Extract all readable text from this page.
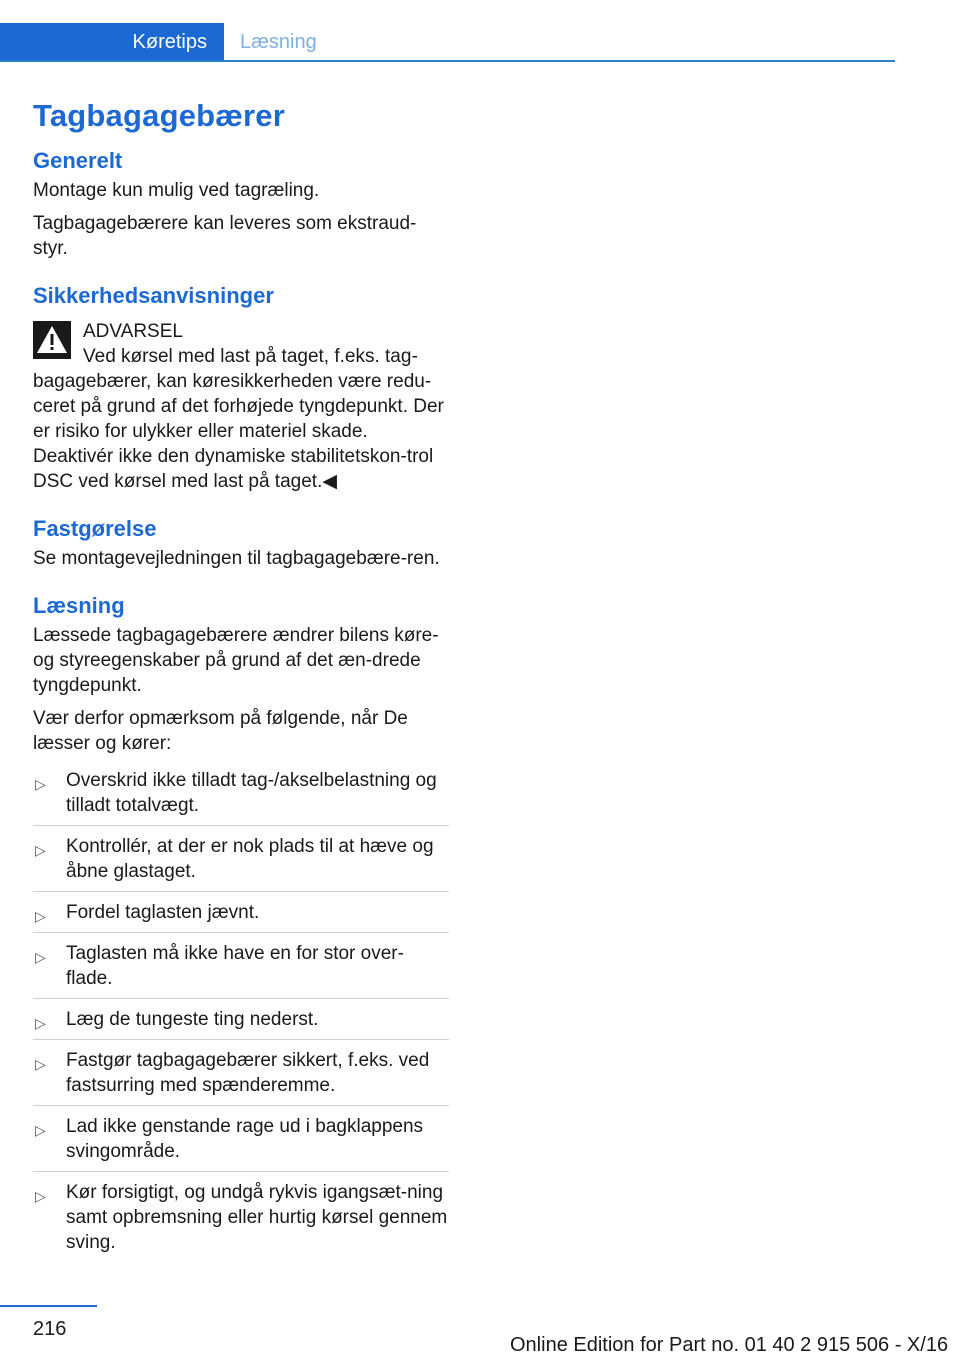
Køretips Læsning
Tagbagagebærer
Generelt

Montage kun mulig ved tagræling.

Tagbagagebærere kan leveres som ekstraud-styr.

Sikkerhedsanvisninger

ADVARSEL

Ved kørsel med last på taget, f.eks. tag-bagagebærer, kan køresikkerheden være redu-ceret på grund af det forhøjede tyngdepunkt. Der er risiko for ulykker eller materiel skade. Deaktivér ikke den dynamiske stabilitetskon-trol DSC ved kørsel med last på taget.◀

Fastgørelse

Se montagevejledningen til tagbagagebære-ren.

Læsning

Læssede tagbagagebærere ændrer bilens køre- og styreegenskaber på grund af det æn-drede tyngdepunkt.

Vær derfor opmærksom på følgende, når De læsser og kører:

▷ Overskrid ikke tilladt tag-/akselbelastning og tilladt totalvægt.
▷ Kontrollér, at der er nok plads til at hæve og åbne glastaget.
▷ Fordel taglasten jævnt.
▷ Taglasten må ikke have en for stor over-flade.
▷ Læg de tungeste ting nederst.
▷ Fastgør tagbagagebærer sikkert, f.eks. ved fastsurring med spænderemme.
▷ Lad ikke genstande rage ud i bagklappens svingområde.
▷ Kør forsigtigt, og undgå rykvis igangsæt-ning samt opbremsning eller hurtig kørsel gennem sving.
216
Online Edition for Part no. 01 40 2 915 506 - X/16
